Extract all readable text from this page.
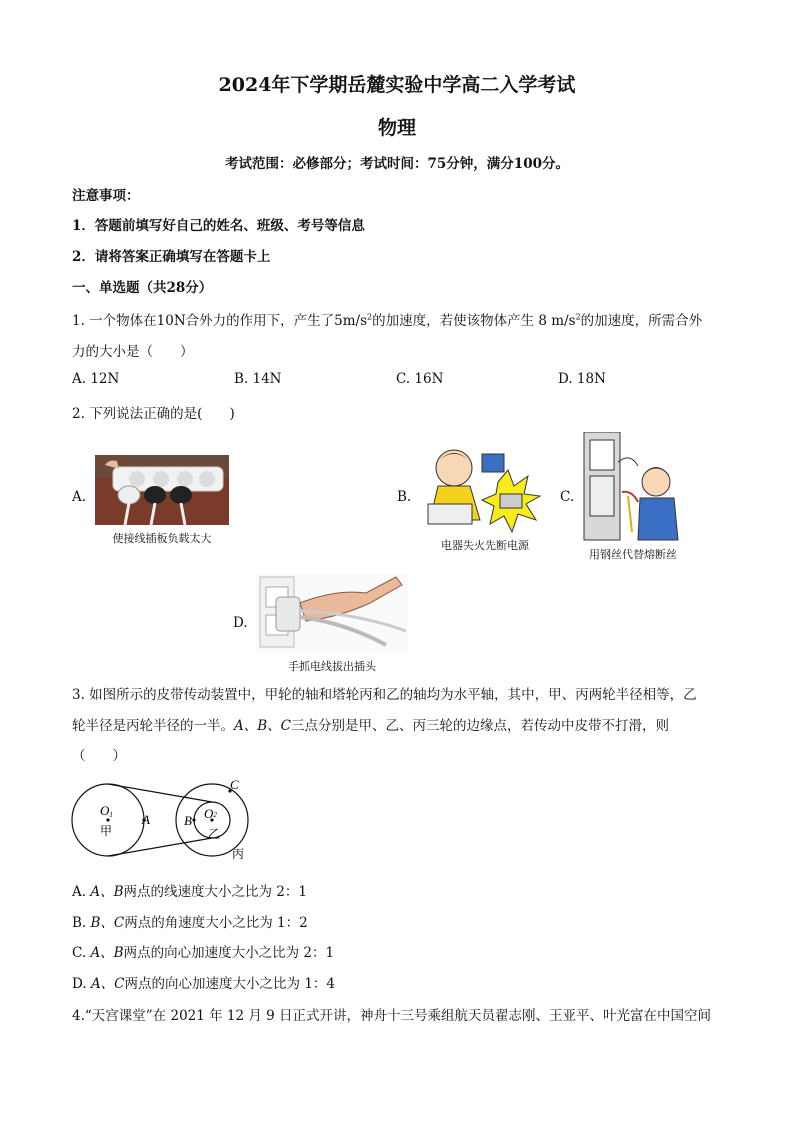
2024年下学期岳麓实验中学高二入学考试
物理
考试范围：必修部分；考试时间：75分钟，满分100分。
注意事项：
1．答题前填写好自己的姓名、班级、考号等信息
2．请将答案正确填写在答题卡上
一、单选题（共28分）
1. 一个物体在10N合外力的作用下，产生了$5m/s^2$的加速度，若使该物体产生 8 $m/s^2$的加速度，所需合外
力的大小是（　　）
A. 12N	B. 14N	C. 16N	D. 18N
2. 下列说法正确的是(　　)
A.
使接线插板负载太大
B.
电器失火先断电源
C.
用钢丝代替熔断丝
D.
手抓电线拔出插头
3. 如图所示的皮带传动装置中，甲轮的轴和塔轮丙和乙的轴均为水平轴，其中，甲、丙两轮半径相等，乙
轮半径是丙轮半径的一半。A、B、C三点分别是甲、乙、丙三轮的边缘点，若传动中皮带不打滑，则
（　　）
O1
甲
A	B O2
乙
C
丙
A. A、B两点的线速度大小之比为 2：1
B. B、C两点的角速度大小之比为 1：2
C. A、B两点的向心加速度大小之比为 2：1
D. A、C两点的向心加速度大小之比为 1：4
4.“天宫课堂”在 2021 年 12 月 9 日正式开讲，神舟十三号乘组航天员翟志刚、王亚平、叶光富在中国空间
